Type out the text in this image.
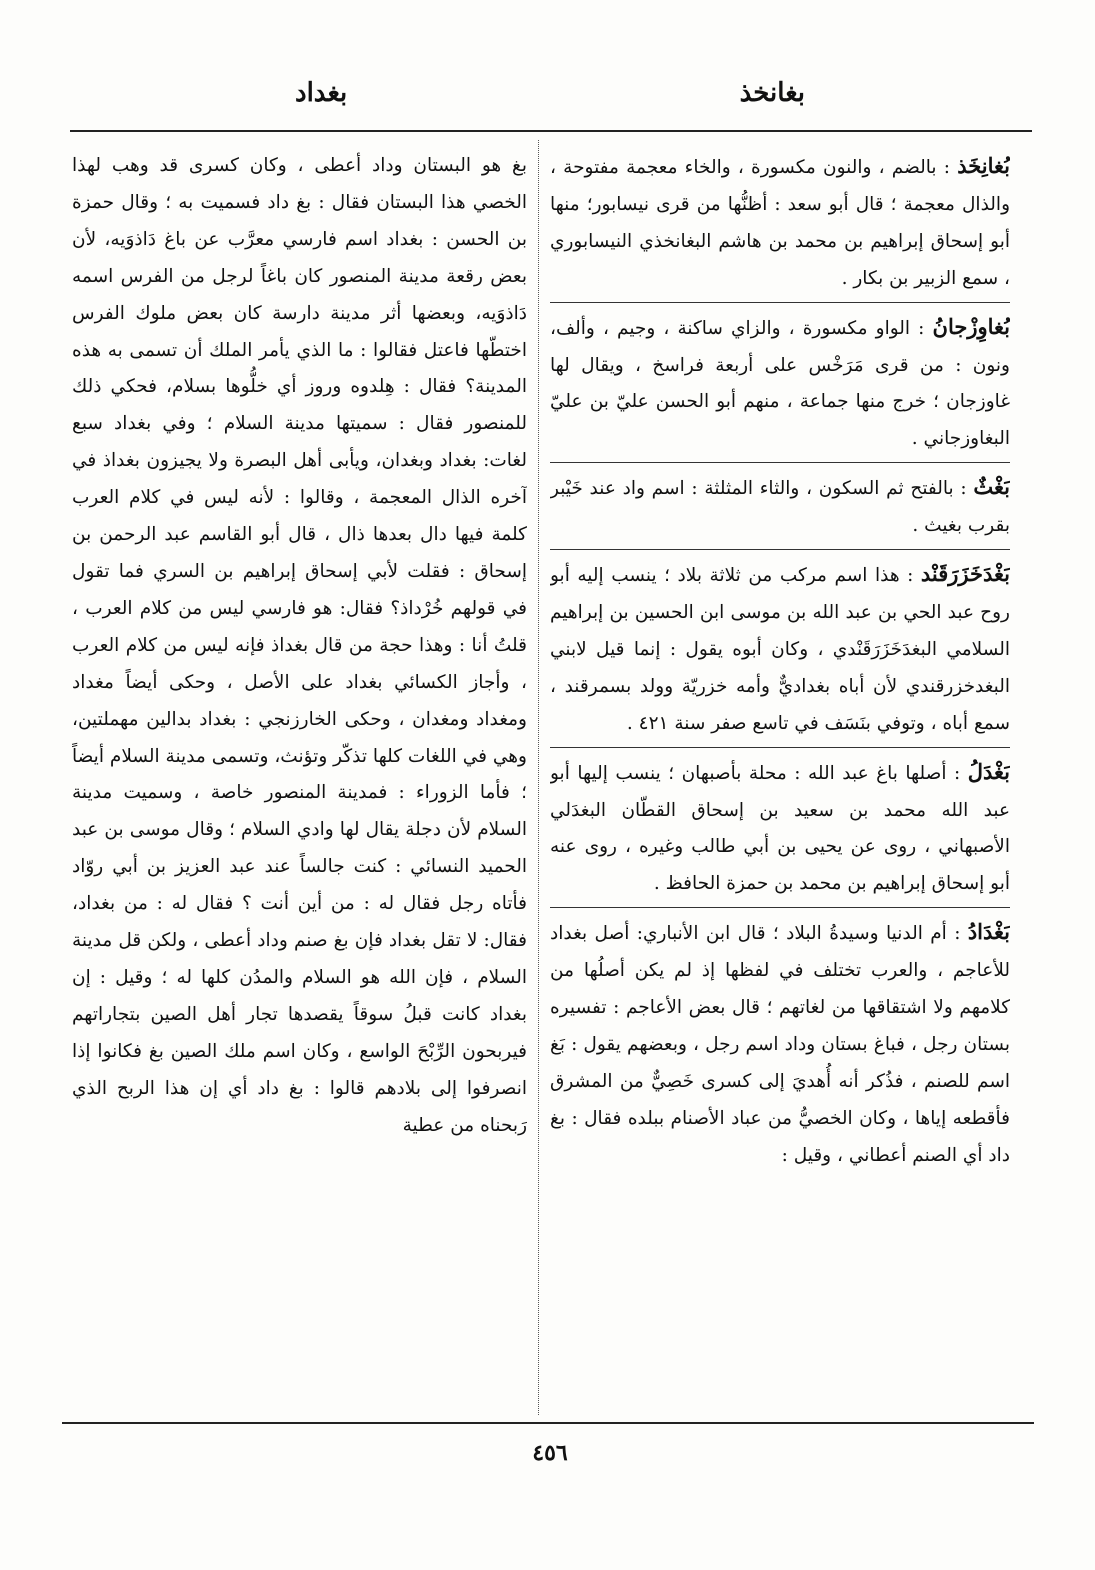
بغانخذ
بغداد

بُغانِخَذ : بالضم ، والنون مكسورة ، والخاء معجمة مفتوحة ، والذال معجمة ؛ قال أبو سعد : أظنُّها من قرى نيسابور؛ منها أبو إسحاق إبراهيم بن محمد بن هاشم البغانخذي النيسابوري ، سمع الزبير بن بكار .

بُغاوِزْجانُ : الواو مكسورة ، والزاي ساكنة ، وجيم ، وألف، ونون : من قرى مَرَخْس على أربعة فراسخ ، ويقال لها غاوزجان ؛ خرج منها جماعة ، منهم أبو الحسن عليّ بن عليّ البغاوزجاني .

بَغْثٌ : بالفتح ثم السكون ، والثاء المثلثة : اسم واد عند خَيْبر بقرب بغيث .

بَغْدَخَزَرَقَنْد : هذا اسم مركب من ثلاثة بلاد ؛ ينسب إليه أبو روح عبد الحي بن عبد الله بن موسى ابن الحسين بن إبراهيم السلامي البغدَخَزَرَقَنْدي ، وكان أبوه يقول : إنما قيل لابني البغدخزرقندي لأن أباه بغداديٌّ وأمه خزريّة وولد بسمرقند ، سمع أباه ، وتوفي بنَسَف في تاسع صفر سنة ٤٢١ .

بَغْدَلُ : أصلها باغ عبد الله : محلة بأصبهان ؛ ينسب إليها أبو عبد الله محمد بن سعيد بن إسحاق القطّان البغدَلي الأصبهاني ، روى عن يحيى بن أبي طالب وغيره ، روى عنه أبو إسحاق إبراهيم بن محمد بن حمزة الحافظ .

بَغْدَادُ : أم الدنيا وسيدةُ البلاد ؛ قال ابن الأنباري: أصل بغداد للأعاجم ، والعرب تختلف في لفظها إذ لم يكن أصلُها من كلامهم ولا اشتقاقها من لغاتهم ؛ قال بعض الأعاجم : تفسيره بستان رجل ، فباغ بستان وداد اسم رجل ، وبعضهم يقول : بَغ اسم للصنم ، فذُكر أنه أُهديَ إلى كسرى خَصِيٌّ من المشرق فأقطعه إياها ، وكان الخصيُّ من عباد الأصنام ببلده فقال : بغ داد أي الصنم أعطاني ، وقيل :

بغ هو البستان وداد أعطى ، وكان كسرى قد وهب لهذا الخصي هذا البستان فقال : بغ داد فسميت به ؛ وقال حمزة بن الحسن : بغداد اسم فارسي معرَّب عن باغ دَاذوَيه، لأن بعض رقعة مدينة المنصور كان باغاً لرجل من الفرس اسمه دَاذوَيه، وبعضها أثر مدينة دارسة كان بعض ملوك الفرس اختطّها فاعتل فقالوا : ما الذي يأمر الملك أن تسمى به هذه المدينة؟ فقال : هِلدوه وروز أي خلُّوها بسلام، فحكي ذلك للمنصور فقال : سميتها مدينة السلام ؛ وفي بغداد سبع لغات: بغداد وبغدان، ويأبى أهل البصرة ولا يجيزون بغداذ في آخره الذال المعجمة ، وقالوا : لأنه ليس في كلام العرب كلمة فيها دال بعدها ذال ، قال أبو القاسم عبد الرحمن بن إسحاق : فقلت لأبي إسحاق إبراهيم بن السري فما تقول في قولهم خُرْداذ؟ فقال: هو فارسي ليس من كلام العرب ، قلتُ أنا : وهذا حجة من قال بغداذ فإنه ليس من كلام العرب ، وأجاز الكسائي بغداد على الأصل ، وحكى أيضاً مغداد ومغداد ومغدان ، وحكى الخارزنجي : بغداد بدالين مهملتين، وهي في اللغات كلها تذكّر وتؤنث، وتسمى مدينة السلام أيضاً ؛ فأما الزوراء : فمدينة المنصور خاصة ، وسميت مدينة السلام لأن دجلة يقال لها وادي السلام ؛ وقال موسى بن عبد الحميد النسائي : كنت جالساً عند عبد العزيز بن أبي روّاد فأتاه رجل فقال له : من أين أنت ؟ فقال له : من بغداد، فقال: لا تقل بغداد فإن بغ صنم وداد أعطى ، ولكن قل مدينة السلام ، فإن الله هو السلام والمدُن كلها له ؛ وقيل : إن بغداد كانت قبلُ سوقاً يقصدها تجار أهل الصين بتجاراتهم فيربحون الرِّبْحَ الواسع ، وكان اسم ملك الصين بغ فكانوا إذا انصرفوا إلى بلادهم قالوا : بغ داد أي إن هذا الربح الذي رَبحناه من عطية

٤٥٦
